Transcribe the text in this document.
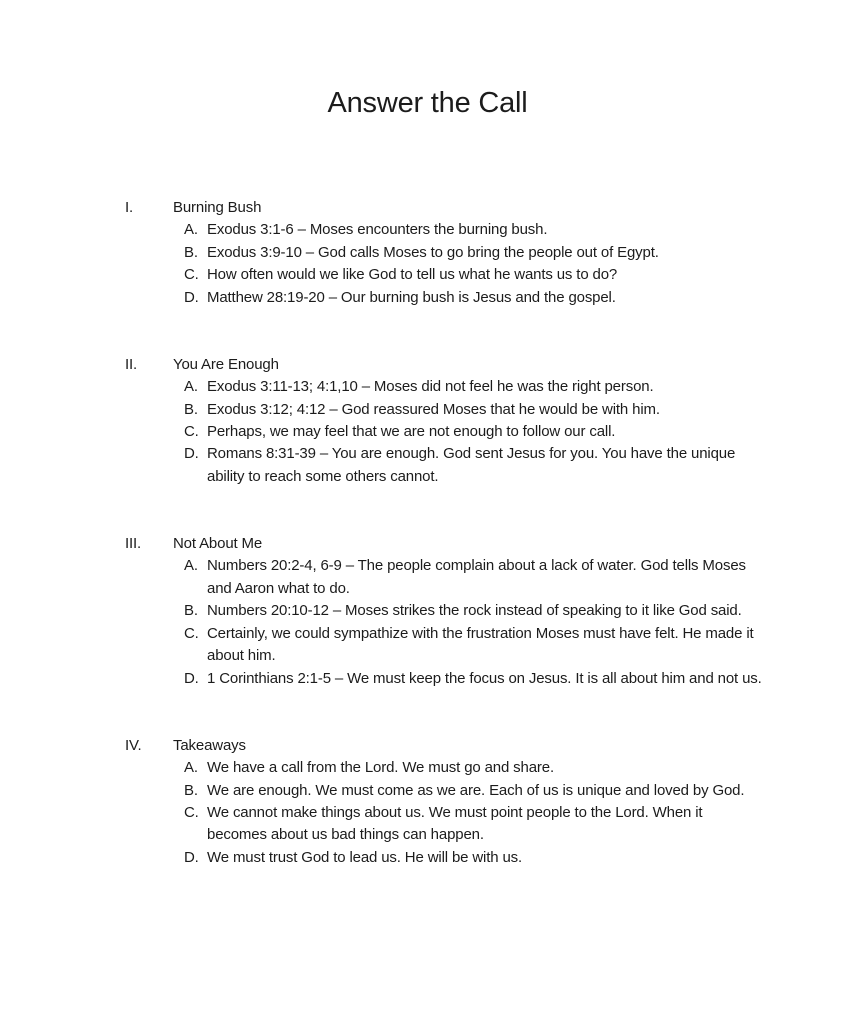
Answer the Call
I.	Burning Bush
A. Exodus 3:1-6 – Moses encounters the burning bush.
B. Exodus 3:9-10 – God calls Moses to go bring the people out of Egypt.
C. How often would we like God to tell us what he wants us to do?
D. Matthew 28:19-20 – Our burning bush is Jesus and the gospel.
II.	You Are Enough
A. Exodus 3:11-13; 4:1,10 – Moses did not feel he was the right person.
B. Exodus 3:12; 4:12 – God reassured Moses that he would be with him.
C. Perhaps, we may feel that we are not enough to follow our call.
D. Romans 8:31-39 – You are enough. God sent Jesus for you. You have the unique ability to reach some others cannot.
III.	Not About Me
A. Numbers 20:2-4, 6-9 – The people complain about a lack of water. God tells Moses and Aaron what to do.
B. Numbers 20:10-12 – Moses strikes the rock instead of speaking to it like God said.
C. Certainly, we could sympathize with the frustration Moses must have felt. He made it about him.
D. 1 Corinthians 2:1-5 – We must keep the focus on Jesus. It is all about him and not us.
IV.	Takeaways
A. We have a call from the Lord. We must go and share.
B. We are enough. We must come as we are. Each of us is unique and loved by God.
C. We cannot make things about us. We must point people to the Lord. When it becomes about us bad things can happen.
D. We must trust God to lead us. He will be with us.
